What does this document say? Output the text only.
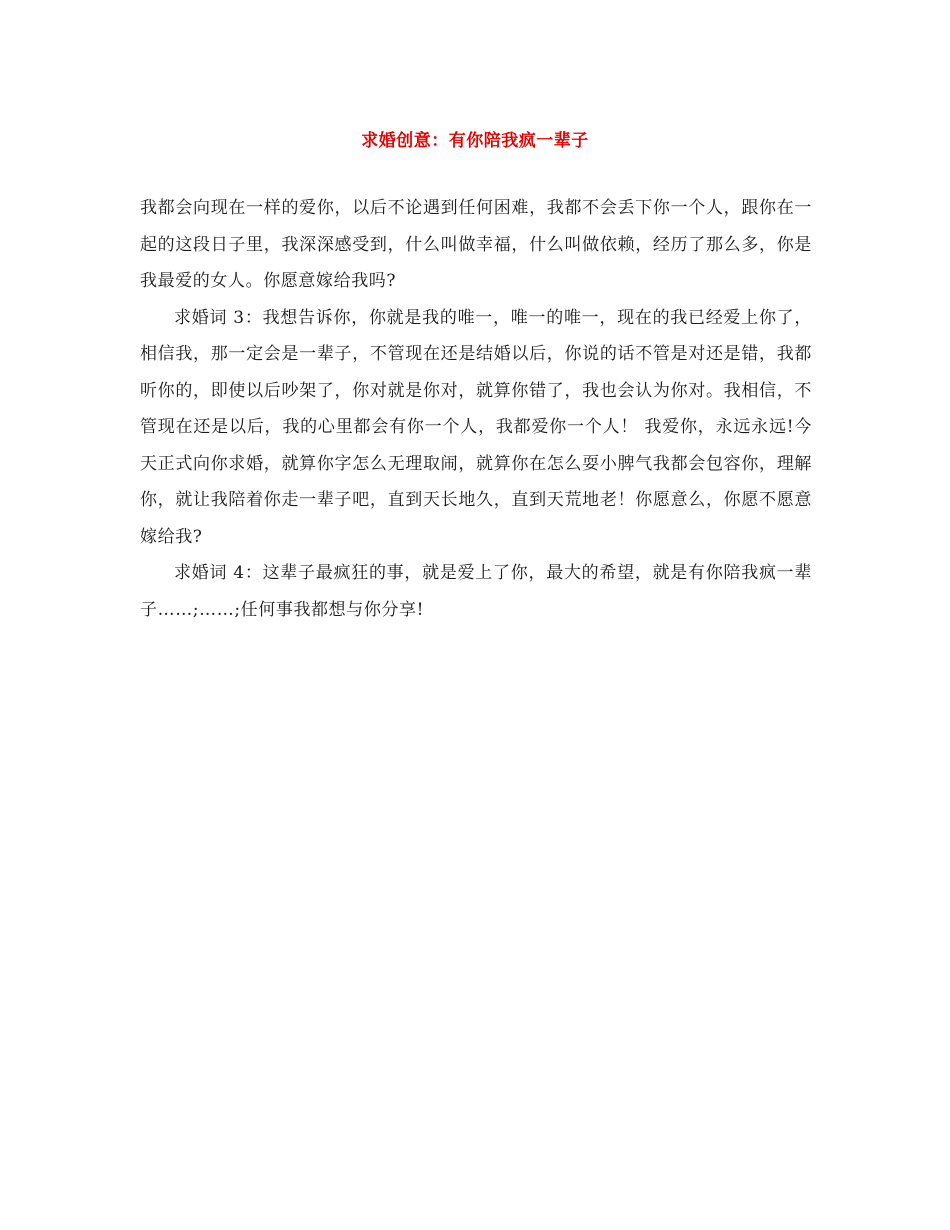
求婚创意：有你陪我疯一辈子

我都会向现在一样的爱你，以后不论遇到任何困难，我都不会丢下你一个人，跟你在一起的这段日子里，我深深感受到，什么叫做幸福，什么叫做依赖，经历了那么多，你是我最爱的女人。你愿意嫁给我吗?

求婚词 3：我想告诉你，你就是我的唯一，唯一的唯一，现在的我已经爱上你了，相信我，那一定会是一辈子，不管现在还是结婚以后，你说的话不管是对还是错，我都听你的，即使以后吵架了，你对就是你对，就算你错了，我也会认为你对。我相信，不管现在还是以后，我的心里都会有你一个人，我都爱你一个人！ 我爱你，永远永远!今天正式向你求婚，就算你字怎么无理取闹，就算你在怎么耍小脾气我都会包容你，理解你，就让我陪着你走一辈子吧，直到天长地久，直到天荒地老！你愿意么，你愿不愿意嫁给我?

求婚词 4：这辈子最疯狂的事，就是爱上了你，最大的希望，就是有你陪我疯一辈子……;……;任何事我都想与你分享!
